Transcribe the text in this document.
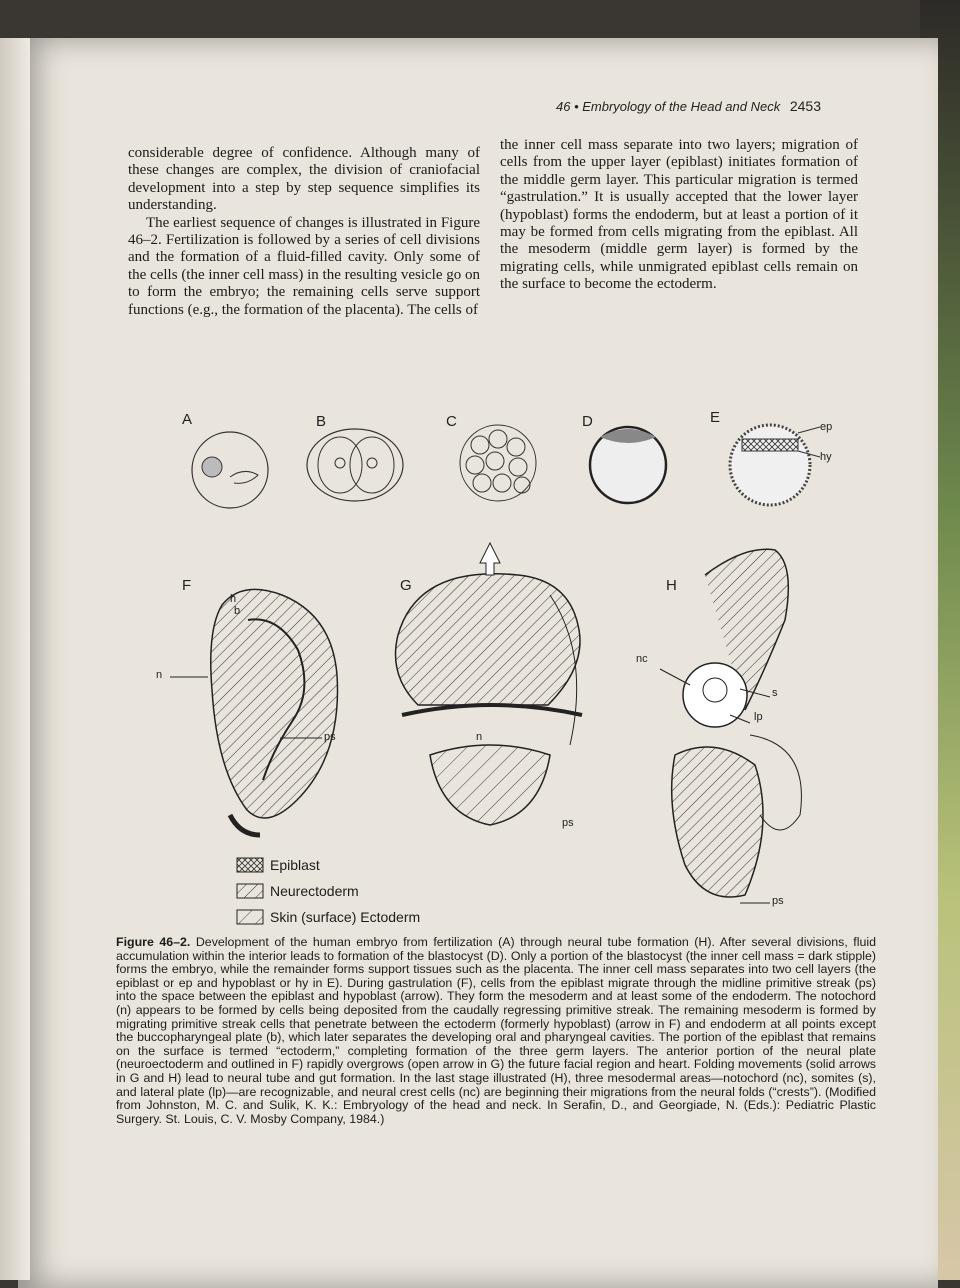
46 • Embryology of the Head and Neck 2453

considerable degree of confidence. Although many of these changes are complex, the division of craniofacial development into a step by step sequence simplifies its understanding.

The earliest sequence of changes is illustrated in Figure 46–2. Fertilization is followed by a series of cell divisions and the formation of a fluid-filled cavity. Only some of the cells (the inner cell mass) in the resulting vesicle go on to form the embryo; the remaining cells serve support functions (e.g., the formation of the placenta). The cells of

the inner cell mass separate into two layers; migration of cells from the upper layer (epiblast) initiates formation of the middle germ layer. This particular migration is termed “gastrulation.” It is usually accepted that the lower layer (hypoblast) forms the endoderm, but at least a portion of it may be formed from cells migrating from the epiblast. All the mesoderm (middle germ layer) is formed by the migrating cells, while unmigrated epiblast cells remain on the surface to become the ectoderm.

A	B	C	D	E
F	G	H
ep
hy
n
b
h
ps	n
ps
nc
s
lp
ps
Epiblast
Neurectoderm
Skin (surface) Ectoderm
Figure 46–2. Development of the human embryo from fertilization (A) through neural tube formation (H). After several divisions, fluid accumulation within the interior leads to formation of the blastocyst (D). Only a portion of the blastocyst (the inner cell mass = dark stipple) forms the embryo, while the remainder forms support tissues such as the placenta. The inner cell mass separates into two cell layers (the epiblast or ep and hypoblast or hy in E). During gastrulation (F), cells from the epiblast migrate through the midline primitive streak (ps) into the space between the epiblast and hypoblast (arrow). They form the mesoderm and at least some of the endoderm. The notochord (n) appears to be formed by cells being deposited from the caudally regressing primitive streak. The remaining mesoderm is formed by migrating primitive streak cells that penetrate between the ectoderm (formerly hypoblast) (arrow in F) and endoderm at all points except the buccopharyngeal plate (b), which later separates the developing oral and pharyngeal cavities. The portion of the epiblast that remains on the surface is termed “ectoderm,” completing formation of the three germ layers. The anterior portion of the neural plate (neuroectoderm and outlined in F) rapidly overgrows (open arrow in G) the future facial region and heart. Folding movements (solid arrows in G and H) lead to neural tube and gut formation. In the last stage illustrated (H), three mesodermal areas—notochord (nc), somites (s), and lateral plate (lp)—are recognizable, and neural crest cells (nc) are beginning their migrations from the neural folds (“crests”). (Modified from Johnston, M. C. and Sulik, K. K.: Embryology of the head and neck. In Serafin, D., and Georgiade, N. (Eds.): Pediatric Plastic Surgery. St. Louis, C. V. Mosby Company, 1984.)
